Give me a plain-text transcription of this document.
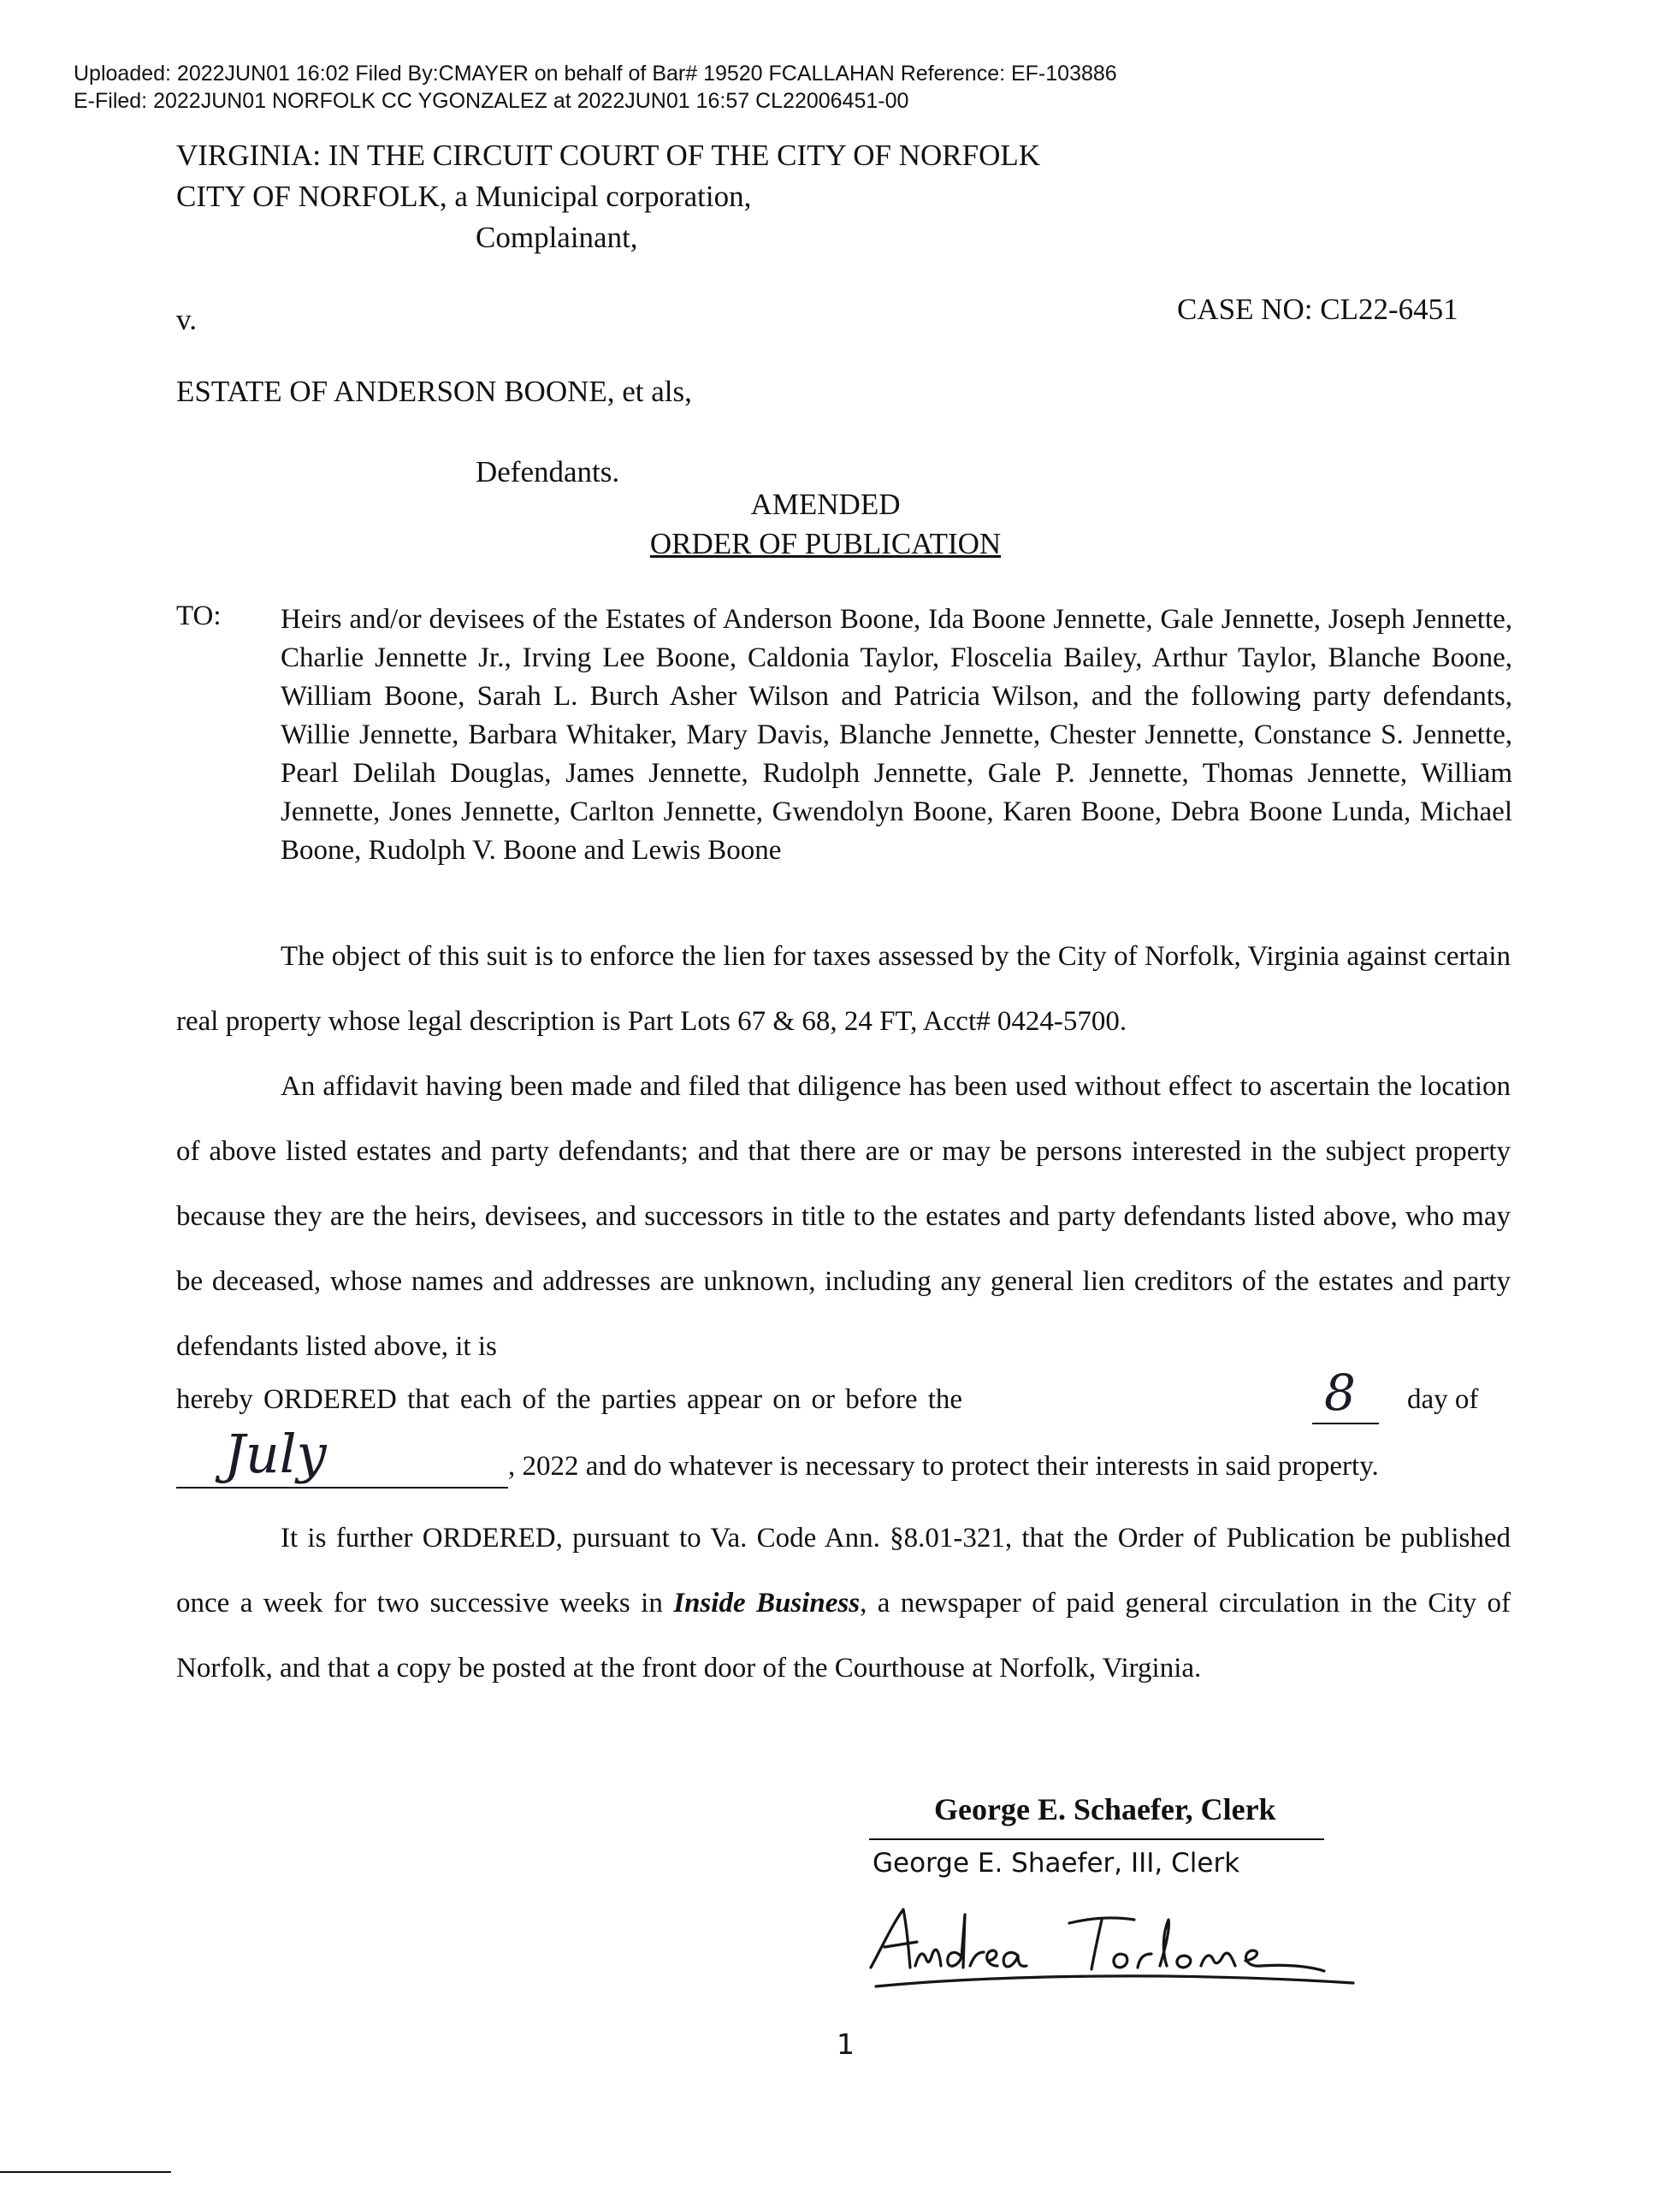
Uploaded: 2022JUN01 16:02 Filed By:CMAYER on behalf of Bar# 19520 FCALLAHAN Reference: EF-103886
E-Filed: 2022JUN01 NORFOLK CC YGONZALEZ at 2022JUN01 16:57 CL22006451-00
VIRGINIA: IN THE CIRCUIT COURT OF THE CITY OF NORFOLK
CITY OF NORFOLK, a Municipal corporation,
Complainant,
v.	CASE NO: CL22-6451
ESTATE OF ANDERSON BOONE, et als,
Defendants.
AMENDED
ORDER OF PUBLICATION
TO: Heirs and/or devisees of the Estates of Anderson Boone, Ida Boone Jennette, Gale Jennette, Joseph Jennette, Charlie Jennette Jr., Irving Lee Boone, Caldonia Taylor, Floscelia Bailey, Arthur Taylor, Blanche Boone, William Boone, Sarah L. Burch Asher Wilson and Patricia Wilson, and the following party defendants, Willie Jennette, Barbara Whitaker, Mary Davis, Blanche Jennette, Chester Jennette, Constance S. Jennette, Pearl Delilah Douglas, James Jennette, Rudolph Jennette, Gale P. Jennette, Thomas Jennette, William Jennette, Jones Jennette, Carlton Jennette, Gwendolyn Boone, Karen Boone, Debra Boone Lunda, Michael Boone, Rudolph V. Boone and Lewis Boone
The object of this suit is to enforce the lien for taxes assessed by the City of Norfolk, Virginia against certain real property whose legal description is Part Lots 67 & 68, 24 FT, Acct# 0424-5700.
An affidavit having been made and filed that diligence has been used without effect to ascertain the location of above listed estates and party defendants; and that there are or may be persons interested in the subject property because they are the heirs, devisees, and successors in title to the estates and party defendants listed above, who may be deceased, whose names and addresses are unknown, including any general lien creditors of the estates and party defendants listed above, it is
hereby ORDERED that each of the parties appear on or before the	8 day of
July	, 2022 and do whatever is necessary to protect their interests in said property.
It is further ORDERED, pursuant to Va. Code Ann. §8.01-321, that the Order of Publication be published once a week for two successive weeks in Inside Business, a newspaper of paid general circulation in the City of Norfolk, and that a copy be posted at the front door of the Courthouse at Norfolk, Virginia.
George E. Schaefer, Clerk
George E. Shaefer, III, Clerk
1
